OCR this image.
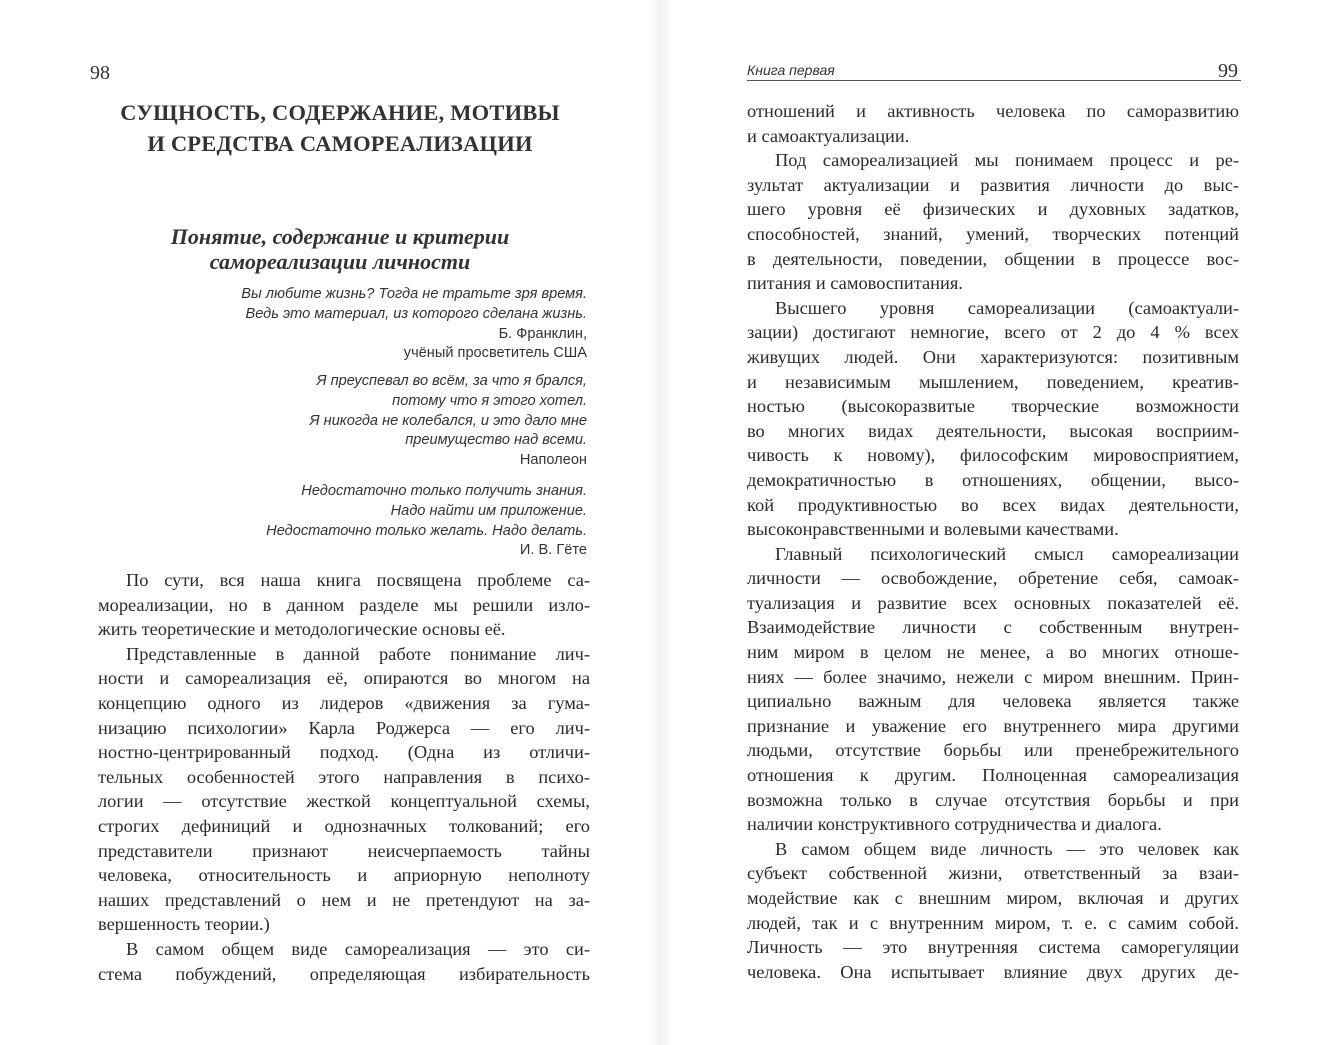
98
СУЩНОСТЬ, СОДЕРЖАНИЕ, МОТИВЫ
И СРЕДСТВА САМОРЕАЛИЗАЦИИ
Понятие, содержание и критерии
самореализации личности
Вы любите жизнь? Тогда не тратьте зря время.
Ведь это материал, из которого сделана жизнь.
Б. Франклин,
учёный просветитель США
Я преуспевал во всём, за что я брался,
потому что я этого хотел.
Я никогда не колебался, и это дало мне
преимущество над всеми.
Наполеон
Недостаточно только получить знания.
Надо найти им приложение.
Недостаточно только желать. Надо делать.
И. В. Гёте
По сути, вся наша книга посвящена проблеме са-
мореализации, но в данном разделе мы решили изло-
жить теоретические и методологические основы её.
Представленные в данной работе понимание лич-
ности и самореализация её, опираются во многом на
концепцию одного из лидеров «движения за гума-
низацию психологии» Карла Роджерса — его лич-
ностно-центрированный подход. (Одна из отличи-
тельных особенностей этого направления в психо-
логии — отсутствие жесткой концептуальной схемы,
строгих дефиниций и однозначных толкований; его
представители признают неисчерпаемость тайны
человека, относительность и априорную неполноту
наших представлений о нем и не претендуют на за-
вершенность теории.)
В самом общем виде самореализация — это си-
стема побуждений, определяющая избирательность
Книга первая	99
отношений и активность человека по саморазвитию
и самоактуализации.
Под самореализацией мы понимаем процесс и ре-
зультат актуализации и развития личности до выс-
шего уровня её физических и духовных задатков,
способностей, знаний, умений, творческих потенций
в деятельности, поведении, общении в процессе вос-
питания и самовоспитания.
Высшего уровня самореализации (самоактуали-
зации) достигают немногие, всего от 2 до 4 % всех
живущих людей. Они характеризуются: позитивным
и независимым мышлением, поведением, креатив-
ностью (высокоразвитые творческие возможности
во многих видах деятельности, высокая восприим-
чивость к новому), философским мировосприятием,
демократичностью в отношениях, общении, высо-
кой продуктивностью во всех видах деятельности,
высоконравственными и волевыми качествами.
Главный психологический смысл самореализации
личности — освобождение, обретение себя, самоак-
туализация и развитие всех основных показателей её.
Взаимодействие личности с собственным внутрен-
ним миром в целом не менее, а во многих отноше-
ниях — более значимо, нежели с миром внешним. Прин-
ципиально важным для человека является также
признание и уважение его внутреннего мира другими
людьми, отсутствие борьбы или пренебрежительного
отношения к другим. Полноценная самореализация
возможна только в случае отсутствия борьбы и при
наличии конструктивного сотрудничества и диалога.
В самом общем виде личность — это человек как
субъект собственной жизни, ответственный за взаи-
модействие как с внешним миром, включая и других
людей, так и с внутренним миром, т. е. с самим собой.
Личность — это внутренняя система саморегуляции
человека. Она испытывает влияние двух других де-
